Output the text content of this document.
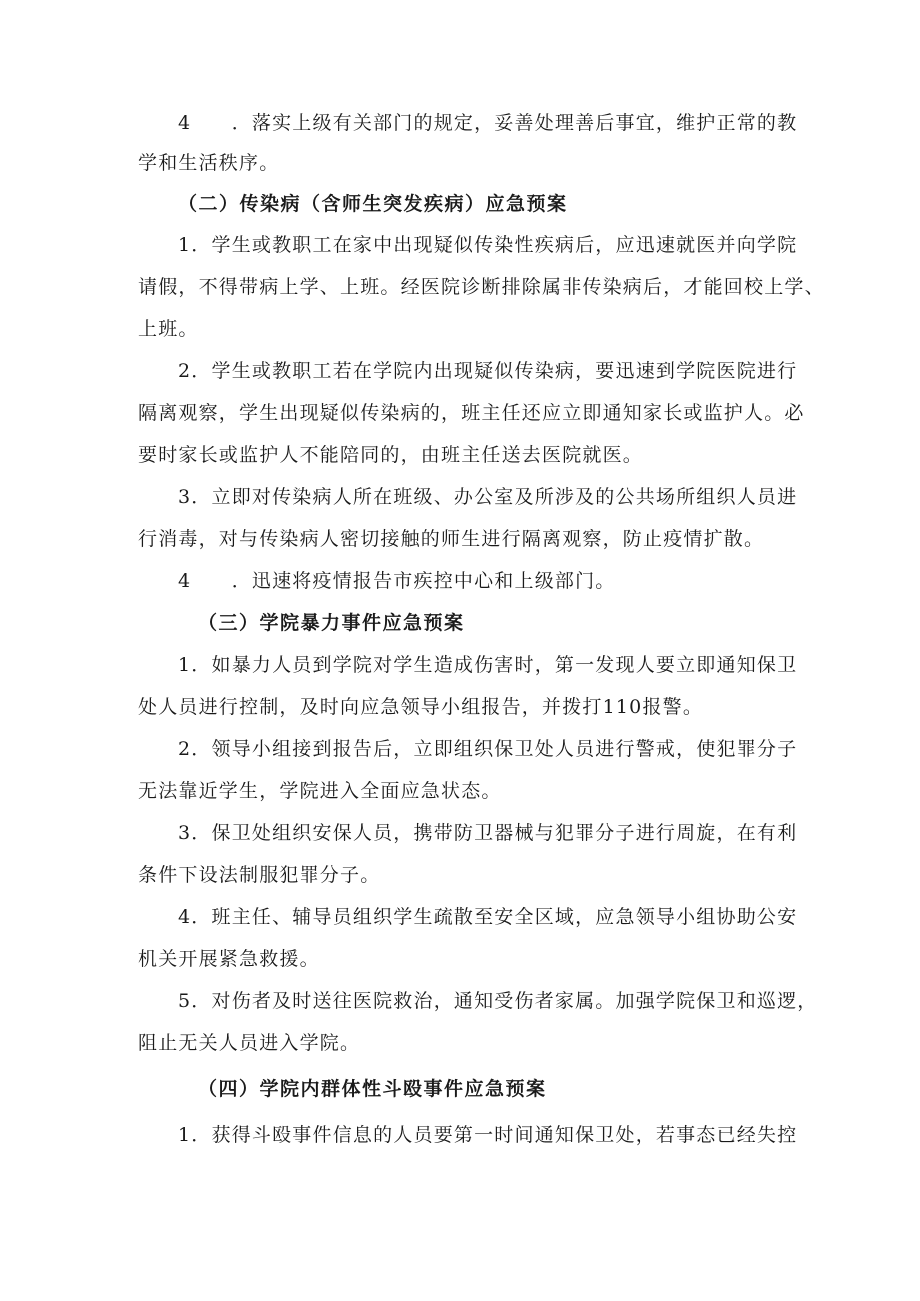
4　　．落实上级有关部门的规定，妥善处理善后事宜，维护正常的教
学和生活秩序。
（二）传染病（含师生突发疾病）应急预案
1．学生或教职工在家中出现疑似传染性疾病后，应迅速就医并向学院
请假，不得带病上学、上班。经医院诊断排除属非传染病后，才能回校上学、
上班。
2．学生或教职工若在学院内出现疑似传染病，要迅速到学院医院进行
隔离观察，学生出现疑似传染病的，班主任还应立即通知家长或监护人。必
要时家长或监护人不能陪同的，由班主任送去医院就医。
3．立即对传染病人所在班级、办公室及所涉及的公共场所组织人员进
行消毒，对与传染病人密切接触的师生进行隔离观察，防止疫情扩散。
4　　．迅速将疫情报告市疾控中心和上级部门。
（三）学院暴力事件应急预案
1．如暴力人员到学院对学生造成伤害时，第一发现人要立即通知保卫
处人员进行控制，及时向应急领导小组报告，并拨打110报警。
2．领导小组接到报告后，立即组织保卫处人员进行警戒，使犯罪分子
无法靠近学生，学院进入全面应急状态。
3．保卫处组织安保人员，携带防卫器械与犯罪分子进行周旋，在有利
条件下设法制服犯罪分子。
4．班主任、辅导员组织学生疏散至安全区域，应急领导小组协助公安
机关开展紧急救援。
5．对伤者及时送往医院救治，通知受伤者家属。加强学院保卫和巡逻，
阻止无关人员进入学院。
（四）学院内群体性斗殴事件应急预案
1．获得斗殴事件信息的人员要第一时间通知保卫处，若事态已经失控
